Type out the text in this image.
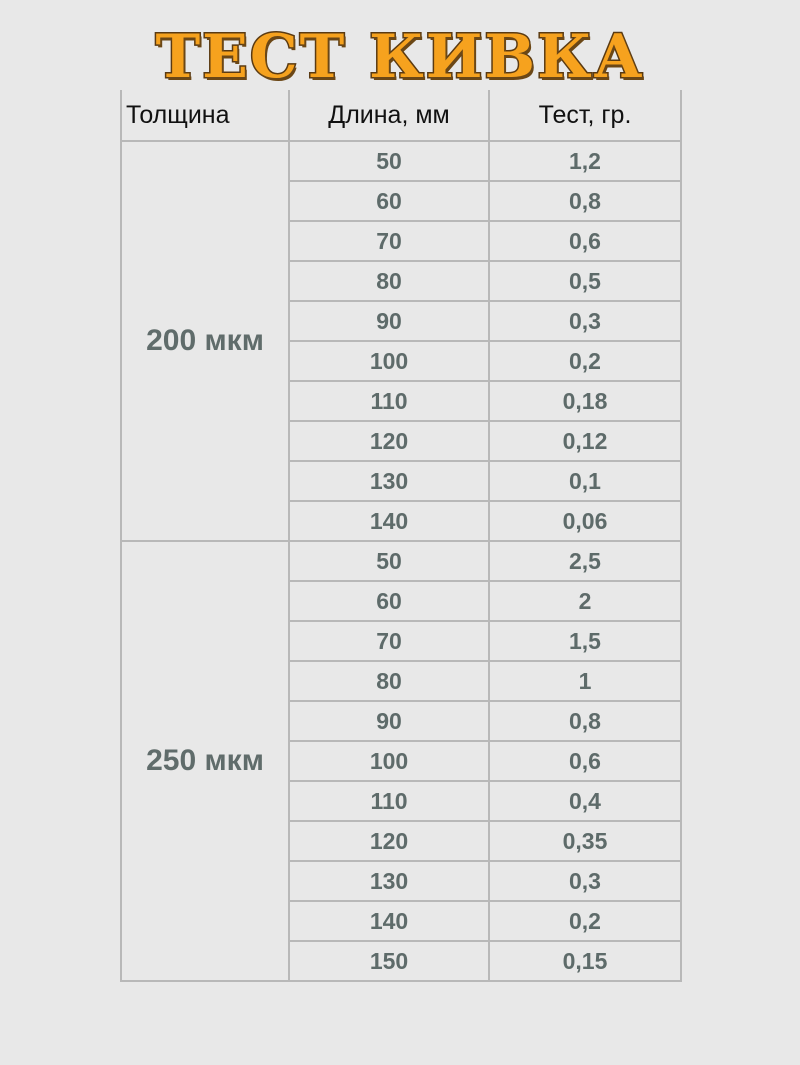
ТЕСТ КИВКА
Толщина	Длина, мм	Тест, гр.
200 мкм	50	1,2
	60	0,8
	70	0,6
	80	0,5
	90	0,3
	100	0,2
	110	0,18
	120	0,12
	130	0,1
	140	0,06
250 мкм	50	2,5
	60	2
	70	1,5
	80	1
	90	0,8
	100	0,6
	110	0,4
	120	0,35
	130	0,3
	140	0,2
	150	0,15
